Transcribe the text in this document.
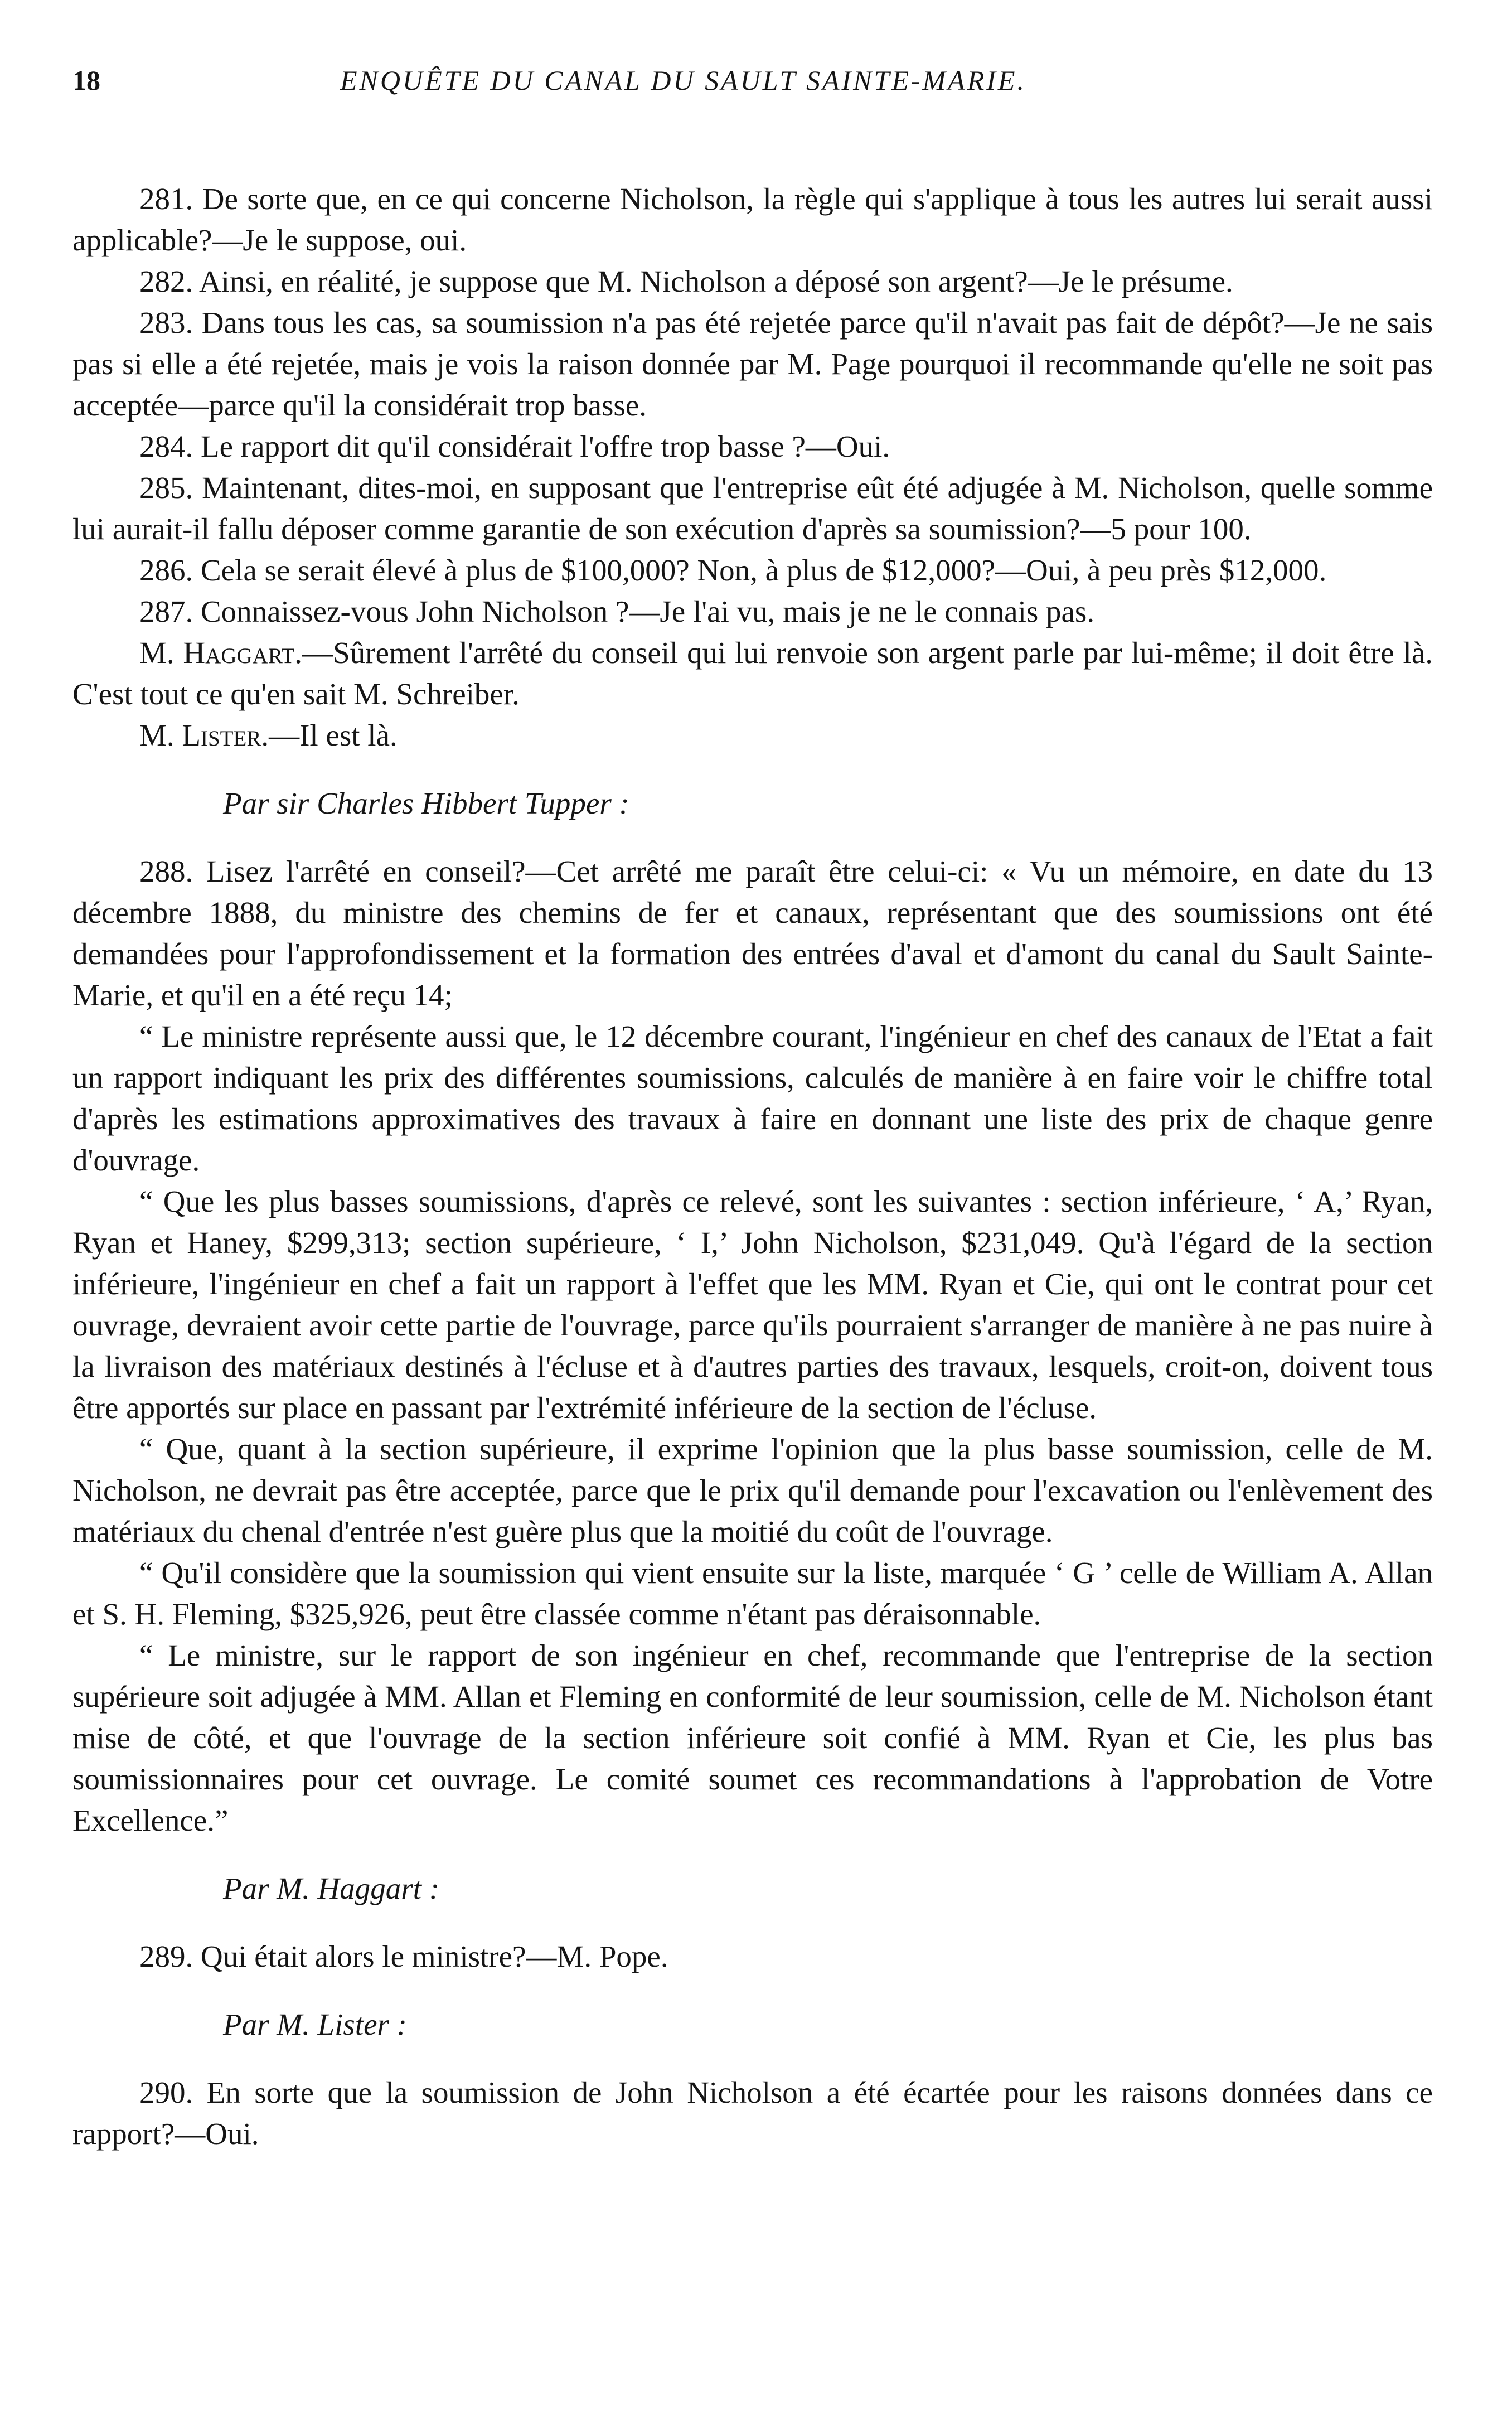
18	ENQUÊTE DU CANAL DU SAULT SAINTE-MARIE.

281. De sorte que, en ce qui concerne Nicholson, la règle qui s'applique à tous les autres lui serait aussi applicable?—Je le suppose, oui.

282. Ainsi, en réalité, je suppose que M. Nicholson a déposé son argent?—Je le présume.

283. Dans tous les cas, sa soumission n'a pas été rejetée parce qu'il n'avait pas fait de dépôt?—Je ne sais pas si elle a été rejetée, mais je vois la raison donnée par M. Page pourquoi il recommande qu'elle ne soit pas acceptée—parce qu'il la considérait trop basse.

284. Le rapport dit qu'il considérait l'offre trop basse ?—Oui.

285. Maintenant, dites-moi, en supposant que l'entreprise eût été adjugée à M. Nicholson, quelle somme lui aurait-il fallu déposer comme garantie de son exécution d'après sa soumission?—5 pour 100.

286. Cela se serait élevé à plus de $100,000? Non, à plus de $12,000?—Oui, à peu près $12,000.

287. Connaissez-vous John Nicholson ?—Je l'ai vu, mais je ne le connais pas.

M. Haggart.—Sûrement l'arrêté du conseil qui lui renvoie son argent parle par lui-même; il doit être là. C'est tout ce qu'en sait M. Schreiber.

M. Lister.—Il est là.

Par sir Charles Hibbert Tupper :

288. Lisez l'arrêté en conseil?—Cet arrêté me paraît être celui-ci: « Vu un mémoire, en date du 13 décembre 1888, du ministre des chemins de fer et canaux, représentant que des soumissions ont été demandées pour l'approfondissement et la formation des entrées d'aval et d'amont du canal du Sault Sainte-Marie, et qu'il en a été reçu 14;

“ Le ministre représente aussi que, le 12 décembre courant, l'ingénieur en chef des canaux de l'Etat a fait un rapport indiquant les prix des différentes soumissions, calculés de manière à en faire voir le chiffre total d'après les estimations approximatives des travaux à faire en donnant une liste des prix de chaque genre d'ouvrage.

“ Que les plus basses soumissions, d'après ce relevé, sont les suivantes : section inférieure, ‘ A,’ Ryan, Ryan et Haney, $299,313; section supérieure, ‘ I,’ John Nicholson, $231,049. Qu'à l'égard de la section inférieure, l'ingénieur en chef a fait un rapport à l'effet que les MM. Ryan et Cie, qui ont le contrat pour cet ouvrage, devraient avoir cette partie de l'ouvrage, parce qu'ils pourraient s'arranger de manière à ne pas nuire à la livraison des matériaux destinés à l'écluse et à d'autres parties des travaux, lesquels, croit-on, doivent tous être apportés sur place en passant par l'extrémité inférieure de la section de l'écluse.

“ Que, quant à la section supérieure, il exprime l'opinion que la plus basse soumission, celle de M. Nicholson, ne devrait pas être acceptée, parce que le prix qu'il demande pour l'excavation ou l'enlèvement des matériaux du chenal d'entrée n'est guère plus que la moitié du coût de l'ouvrage.

“ Qu'il considère que la soumission qui vient ensuite sur la liste, marquée ‘ G ’ celle de William A. Allan et S. H. Fleming, $325,926, peut être classée comme n'étant pas déraisonnable.

“ Le ministre, sur le rapport de son ingénieur en chef, recommande que l'entreprise de la section supérieure soit adjugée à MM. Allan et Fleming en conformité de leur soumission, celle de M. Nicholson étant mise de côté, et que l'ouvrage de la section inférieure soit confié à MM. Ryan et Cie, les plus bas soumissionnaires pour cet ouvrage. Le comité soumet ces recommandations à l'approbation de Votre Excellence.”

Par M. Haggart :

289. Qui était alors le ministre?—M. Pope.

Par M. Lister :

290. En sorte que la soumission de John Nicholson a été écartée pour les raisons données dans ce rapport?—Oui.
